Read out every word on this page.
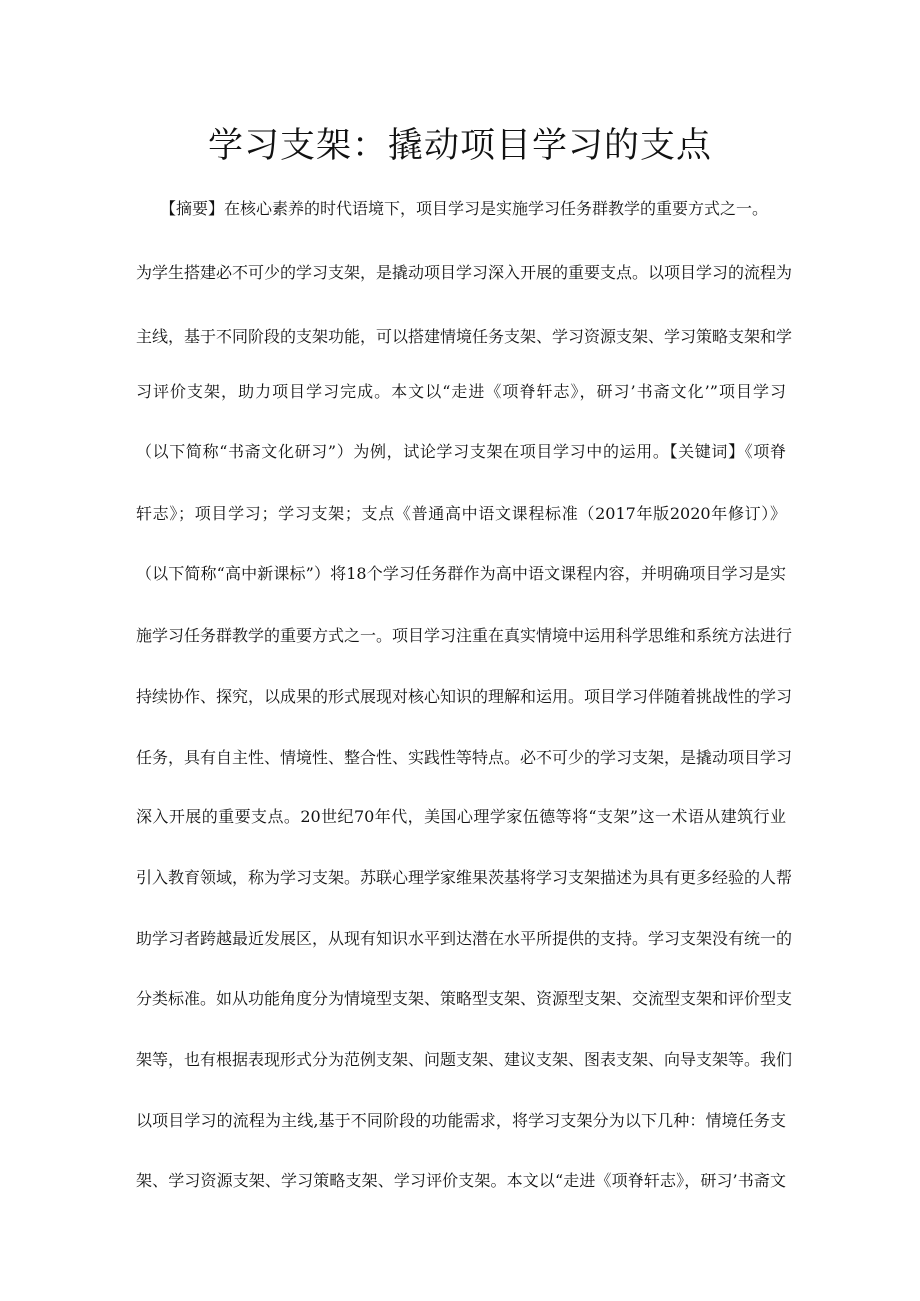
学习支架：撬动项目学习的支点
【摘要】在核心素养的时代语境下，项目学习是实施学习任务群教学的重要方式之一。
为学生搭建必不可少的学习支架，是撬动项目学习深入开展的重要支点。以项目学习的流程为
主线，基于不同阶段的支架功能，可以搭建情境任务支架、学习资源支架、学习策略支架和学
习评价支架，助力项目学习完成。本文以“走进《项脊轩志》，研习’书斋文化’”项目学习
（以下简称“书斋文化研习”）为例，试论学习支架在项目学习中的运用。【关键词】《项脊
轩志》；项目学习；学习支架；支点《普通高中语文课程标准（2017年版2020年修订）》
（以下简称“高中新课标”）将18个学习任务群作为高中语文课程内容，并明确项目学习是实
施学习任务群教学的重要方式之一。项目学习注重在真实情境中运用科学思维和系统方法进行
持续协作、探究，以成果的形式展现对核心知识的理解和运用。项目学习伴随着挑战性的学习
任务，具有自主性、情境性、整合性、实践性等特点。必不可少的学习支架，是撬动项目学习
深入开展的重要支点。20世纪70年代，美国心理学家伍德等将“支架”这一术语从建筑行业
引入教育领域，称为学习支架。苏联心理学家维果茨基将学习支架描述为具有更多经验的人帮
助学习者跨越最近发展区，从现有知识水平到达潜在水平所提供的支持。学习支架没有统一的
分类标准。如从功能角度分为情境型支架、策略型支架、资源型支架、交流型支架和评价型支
架等，也有根据表现形式分为范例支架、问题支架、建议支架、图表支架、向导支架等。我们
以项目学习的流程为主线,基于不同阶段的功能需求，将学习支架分为以下几种：情境任务支
架、学习资源支架、学习策略支架、学习评价支架。本文以“走进《项脊轩志》，研习’书斋文
